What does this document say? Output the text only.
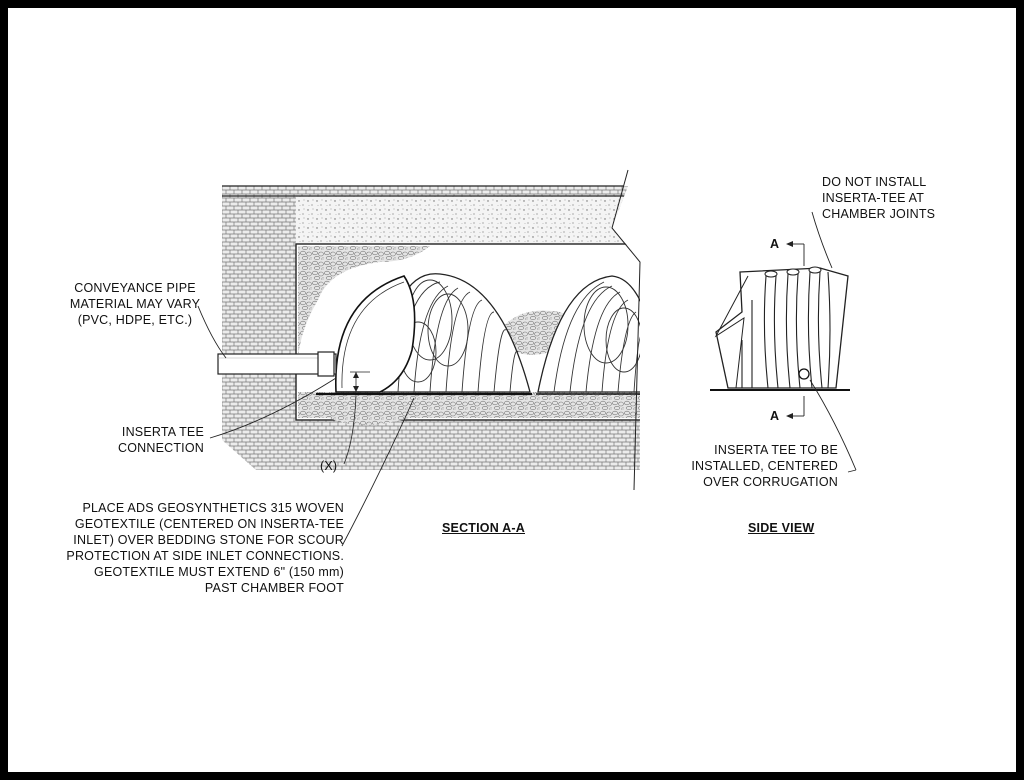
CONVEYANCE PIPE
MATERIAL MAY VARY
(PVC, HDPE, ETC.)
INSERTA TEE
CONNECTION
(X)
PLACE ADS GEOSYNTHETICS 315 WOVEN
GEOTEXTILE (CENTERED ON INSERTA-TEE
INLET) OVER BEDDING STONE FOR SCOUR
PROTECTION AT SIDE INLET CONNECTIONS.
GEOTEXTILE MUST EXTEND 6" (150 mm)
PAST CHAMBER FOOT
SECTION A-A	SIDE VIEW
DO NOT INSTALL
INSERTA-TEE AT
CHAMBER JOINTS
A
A
INSERTA TEE TO BE
INSTALLED, CENTERED
OVER CORRUGATION
